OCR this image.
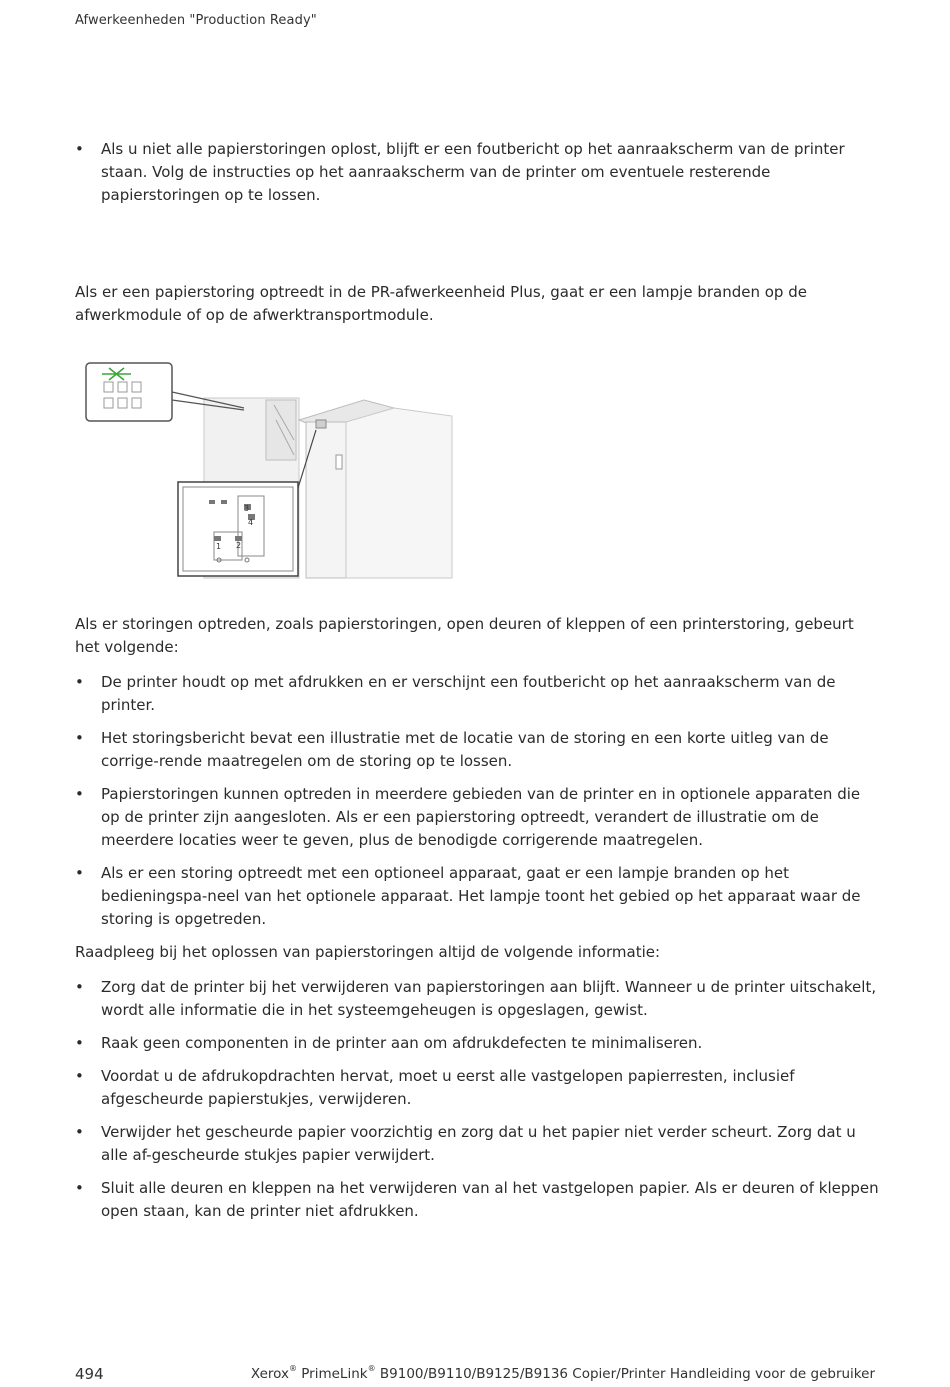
Afwerkeenheden "Production Ready"
• Als u niet alle papierstoringen oplost, blijft er een foutbericht op het aanraakscherm van de printer staan. Volg de instructies op het aanraakscherm van de printer om eventuele resterende papierstoringen op te lossen.

Als er een papierstoring optreedt in de PR-afwerkeenheid Plus, gaat er een lampje branden op de afwerkmodule of op de afwerktransportmodule.

1 2
3
4

Als er storingen optreden, zoals papierstoringen, open deuren of kleppen of een printerstoring, gebeurt het volgende:

• De printer houdt op met afdrukken en er verschijnt een foutbericht op het aanraakscherm van de printer.
• Het storingsbericht bevat een illustratie met de locatie van de storing en een korte uitleg van de corrige-rende maatregelen om de storing op te lossen.
• Papierstoringen kunnen optreden in meerdere gebieden van de printer en in optionele apparaten die op de printer zijn aangesloten. Als er een papierstoring optreedt, verandert de illustratie om de meerdere locaties weer te geven, plus de benodigde corrigerende maatregelen.
• Als er een storing optreedt met een optioneel apparaat, gaat er een lampje branden op het bedieningspa-neel van het optionele apparaat. Het lampje toont het gebied op het apparaat waar de storing is opgetreden.

Raadpleeg bij het oplossen van papierstoringen altijd de volgende informatie:

• Zorg dat de printer bij het verwijderen van papierstoringen aan blijft. Wanneer u de printer uitschakelt, wordt alle informatie die in het systeemgeheugen is opgeslagen, gewist.
• Raak geen componenten in de printer aan om afdrukdefecten te minimaliseren.
• Voordat u de afdrukopdrachten hervat, moet u eerst alle vastgelopen papierresten, inclusief afgescheurde papierstukjes, verwijderen.
• Verwijder het gescheurde papier voorzichtig en zorg dat u het papier niet verder scheurt. Zorg dat u alle af-gescheurde stukjes papier verwijdert.
• Sluit alle deuren en kleppen na het verwijderen van al het vastgelopen papier. Als er deuren of kleppen open staan, kan de printer niet afdrukken.
494	Xerox® PrimeLink® B9100/B9110/B9125/B9136 Copier/Printer Handleiding voor de gebruiker
